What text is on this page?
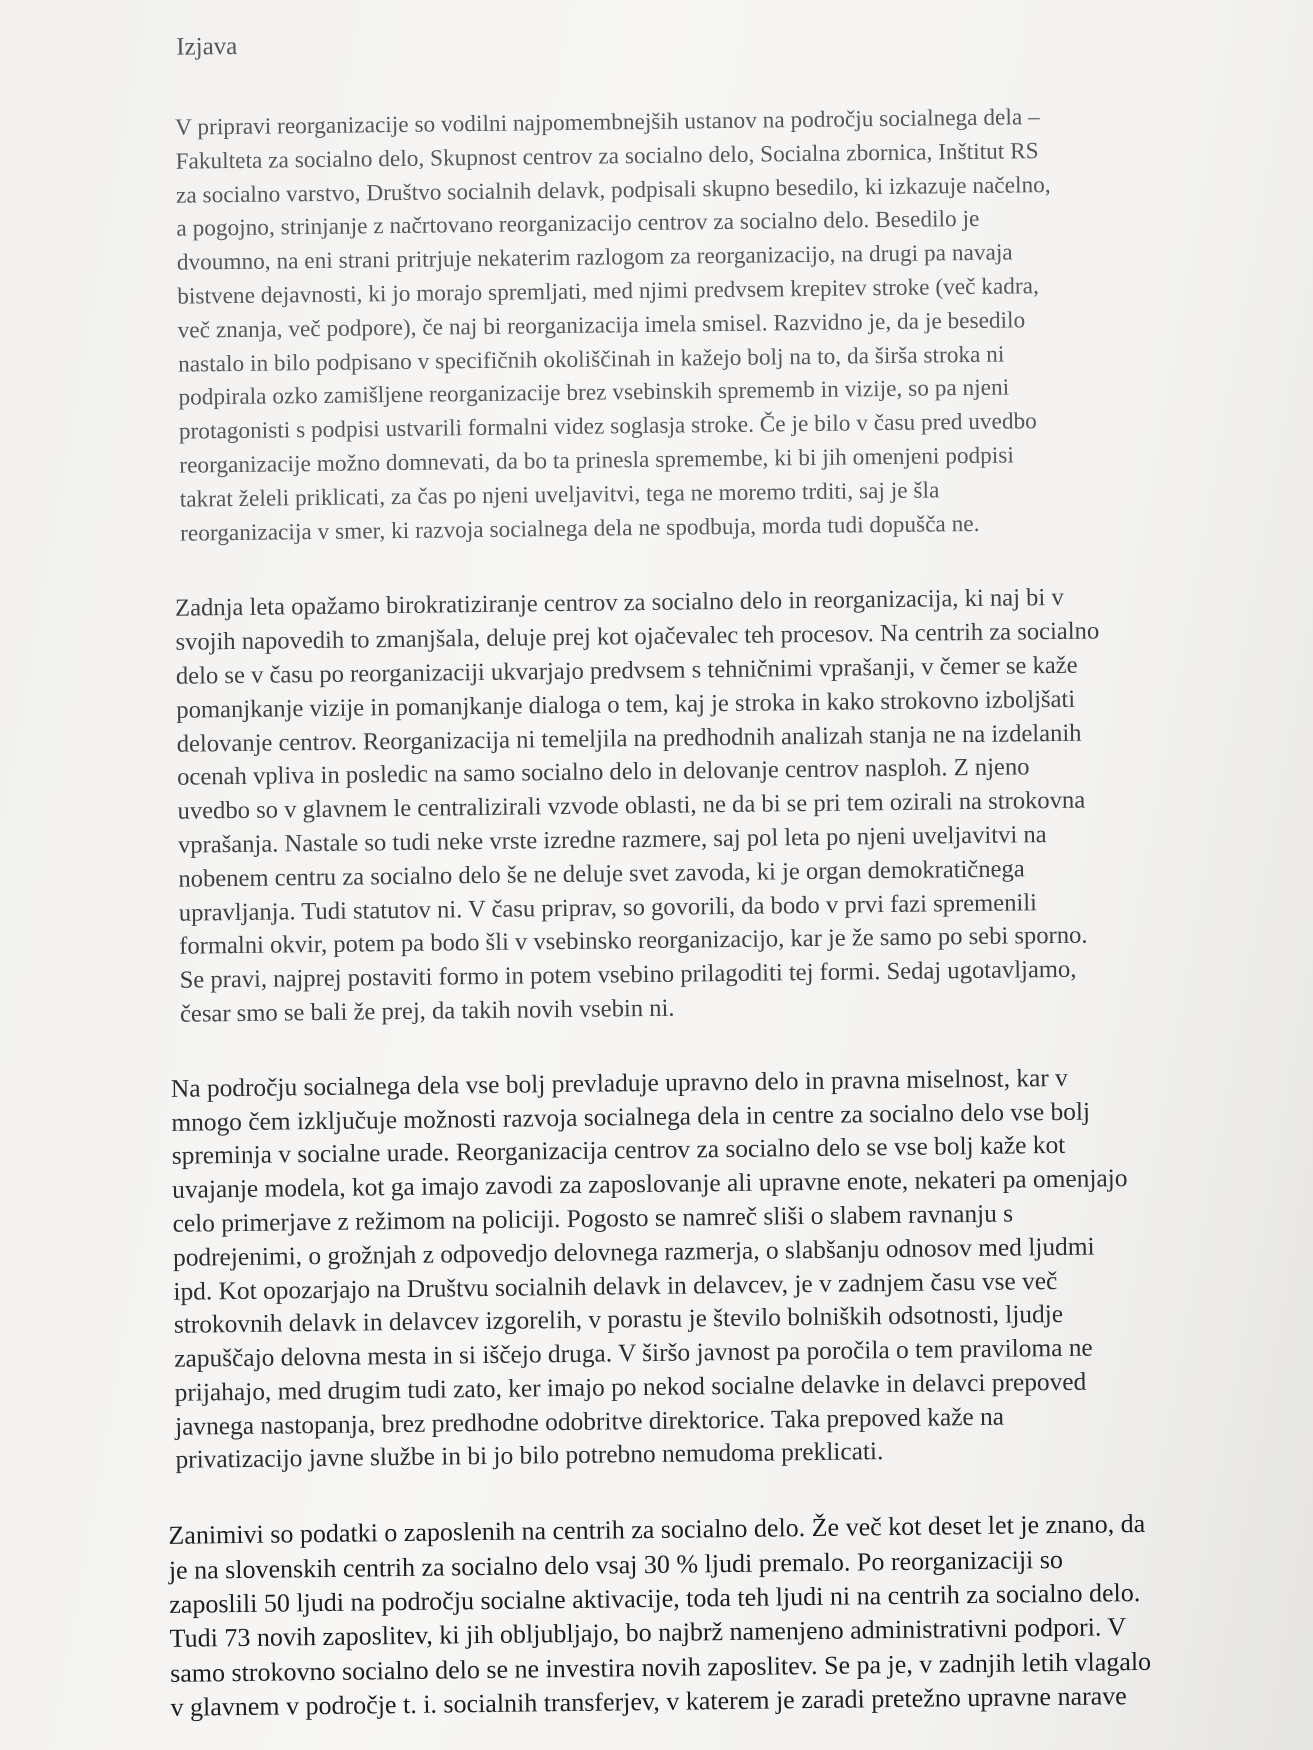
Izjava
V pripravi reorganizacije so vodilni najpomembnejših ustanov na področju socialnega dela –
Fakulteta za socialno delo, Skupnost centrov za socialno delo, Socialna zbornica, Inštitut RS
za socialno varstvo, Društvo socialnih delavk, podpisali skupno besedilo, ki izkazuje načelno,
a pogojno, strinjanje z načrtovano reorganizacijo centrov za socialno delo. Besedilo je
dvoumno, na eni strani pritrjuje nekaterim razlogom za reorganizacijo, na drugi pa navaja
bistvene dejavnosti, ki jo morajo spremljati, med njimi predvsem krepitev stroke (več kadra,
več znanja, več podpore), če naj bi reorganizacija imela smisel. Razvidno je, da je besedilo
nastalo in bilo podpisano v specifičnih okoliščinah in kažejo bolj na to, da širša stroka ni
podpirala ozko zamišljene reorganizacije brez vsebinskih sprememb in vizije, so pa njeni
protagonisti s podpisi ustvarili formalni videz soglasja stroke. Če je bilo v času pred uvedbo
reorganizacije možno domnevati, da bo ta prinesla spremembe, ki bi jih omenjeni podpisi
takrat želeli priklicati, za čas po njeni uveljavitvi, tega ne moremo trditi, saj je šla
reorganizacija v smer, ki razvoja socialnega dela ne spodbuja, morda tudi dopušča ne.
Zadnja leta opažamo birokratiziranje centrov za socialno delo in reorganizacija, ki naj bi v
svojih napovedih to zmanjšala, deluje prej kot ojačevalec teh procesov. Na centrih za socialno
delo se v času po reorganizaciji ukvarjajo predvsem s tehničnimi vprašanji, v čemer se kaže
pomanjkanje vizije in pomanjkanje dialoga o tem, kaj je stroka in kako strokovno izboljšati
delovanje centrov. Reorganizacija ni temeljila na predhodnih analizah stanja ne na izdelanih
ocenah vpliva in posledic na samo socialno delo in delovanje centrov nasploh. Z njeno
uvedbo so v glavnem le centralizirali vzvode oblasti, ne da bi se pri tem ozirali na strokovna
vprašanja. Nastale so tudi neke vrste izredne razmere, saj pol leta po njeni uveljavitvi na
nobenem centru za socialno delo še ne deluje svet zavoda, ki je organ demokratičnega
upravljanja. Tudi statutov ni. V času priprav, so govorili, da bodo v prvi fazi spremenili
formalni okvir, potem pa bodo šli v vsebinsko reorganizacijo, kar je že samo po sebi sporno.
Se pravi, najprej postaviti formo in potem vsebino prilagoditi tej formi. Sedaj ugotavljamo,
česar smo se bali že prej, da takih novih vsebin ni.
Na področju socialnega dela vse bolj prevladuje upravno delo in pravna miselnost, kar v
mnogo čem izključuje možnosti razvoja socialnega dela in centre za socialno delo vse bolj
spreminja v socialne urade. Reorganizacija centrov za socialno delo se vse bolj kaže kot
uvajanje modela, kot ga imajo zavodi za zaposlovanje ali upravne enote, nekateri pa omenjajo
celo primerjave z režimom na policiji. Pogosto se namreč sliši o slabem ravnanju s
podrejenimi, o grožnjah z odpovedjo delovnega razmerja, o slabšanju odnosov med ljudmi
ipd. Kot opozarjajo na Društvu socialnih delavk in delavcev, je v zadnjem času vse več
strokovnih delavk in delavcev izgorelih, v porastu je število bolniških odsotnosti, ljudje
zapuščajo delovna mesta in si iščejo druga. V širšo javnost pa poročila o tem praviloma ne
prijahajo, med drugim tudi zato, ker imajo po nekod socialne delavke in delavci prepoved
javnega nastopanja, brez predhodne odobritve direktorice. Taka prepoved kaže na
privatizacijo javne službe in bi jo bilo potrebno nemudoma preklicati.
Zanimivi so podatki o zaposlenih na centrih za socialno delo. Že več kot deset let je znano, da
je na slovenskih centrih za socialno delo vsaj 30 % ljudi premalo. Po reorganizaciji so
zaposlili 50 ljudi na področju socialne aktivacije, toda teh ljudi ni na centrih za socialno delo.
Tudi 73 novih zaposlitev, ki jih obljubljajo, bo najbrž namenjeno administrativni podpori. V
samo strokovno socialno delo se ne investira novih zaposlitev. Se pa je, v zadnjih letih vlagalo
v glavnem v področje t. i. socialnih transferjev, v katerem je zaradi pretežno upravne narave
